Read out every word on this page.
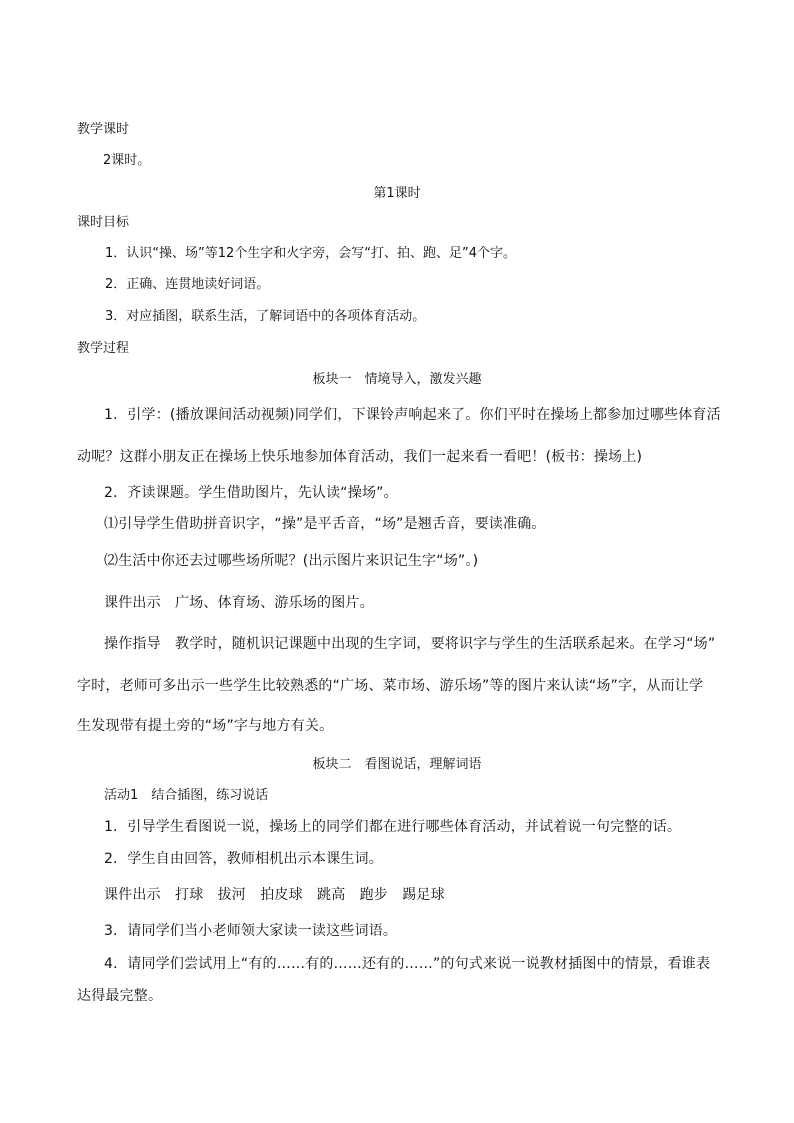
教学课时
2课时。
第1课时
课时目标
1．认识“操、场”等12个生字和火字旁，会写“打、拍、跑、足”4个字。
2．正确、连贯地读好词语。
3．对应插图，联系生活，了解词语中的各项体育活动。
教学过程
板块一　情境导入，激发兴趣
1．引学：(播放课间活动视频)同学们，下课铃声响起来了。你们平时在操场上都参加过哪些体育活
动呢？这群小朋友正在操场上快乐地参加体育活动，我们一起来看一看吧！(板书：操场上)
2．齐读课题。学生借助图片，先认读“操场”。
⑴引导学生借助拼音识字，“操”是平舌音，“场”是翘舌音，要读准确。
⑵生活中你还去过哪些场所呢？(出示图片来识记生字“场”。)
课件出示　广场、体育场、游乐场的图片。
操作指导　教学时，随机识记课题中出现的生字词，要将识字与学生的生活联系起来。在学习“场”
字时，老师可多出示一些学生比较熟悉的“广场、菜市场、游乐场”等的图片来认读“场”字，从而让学
生发现带有提土旁的“场”字与地方有关。
板块二　看图说话，理解词语
活动1　结合插图，练习说话
1．引导学生看图说一说，操场上的同学们都在进行哪些体育活动，并试着说一句完整的话。
2．学生自由回答，教师相机出示本课生词。
课件出示　打球　拔河　拍皮球　跳高　跑步　踢足球
3．请同学们当小老师领大家读一读这些词语。
4．请同学们尝试用上“有的……有的……还有的……”的句式来说一说教材插图中的情景，看谁表
达得最完整。
